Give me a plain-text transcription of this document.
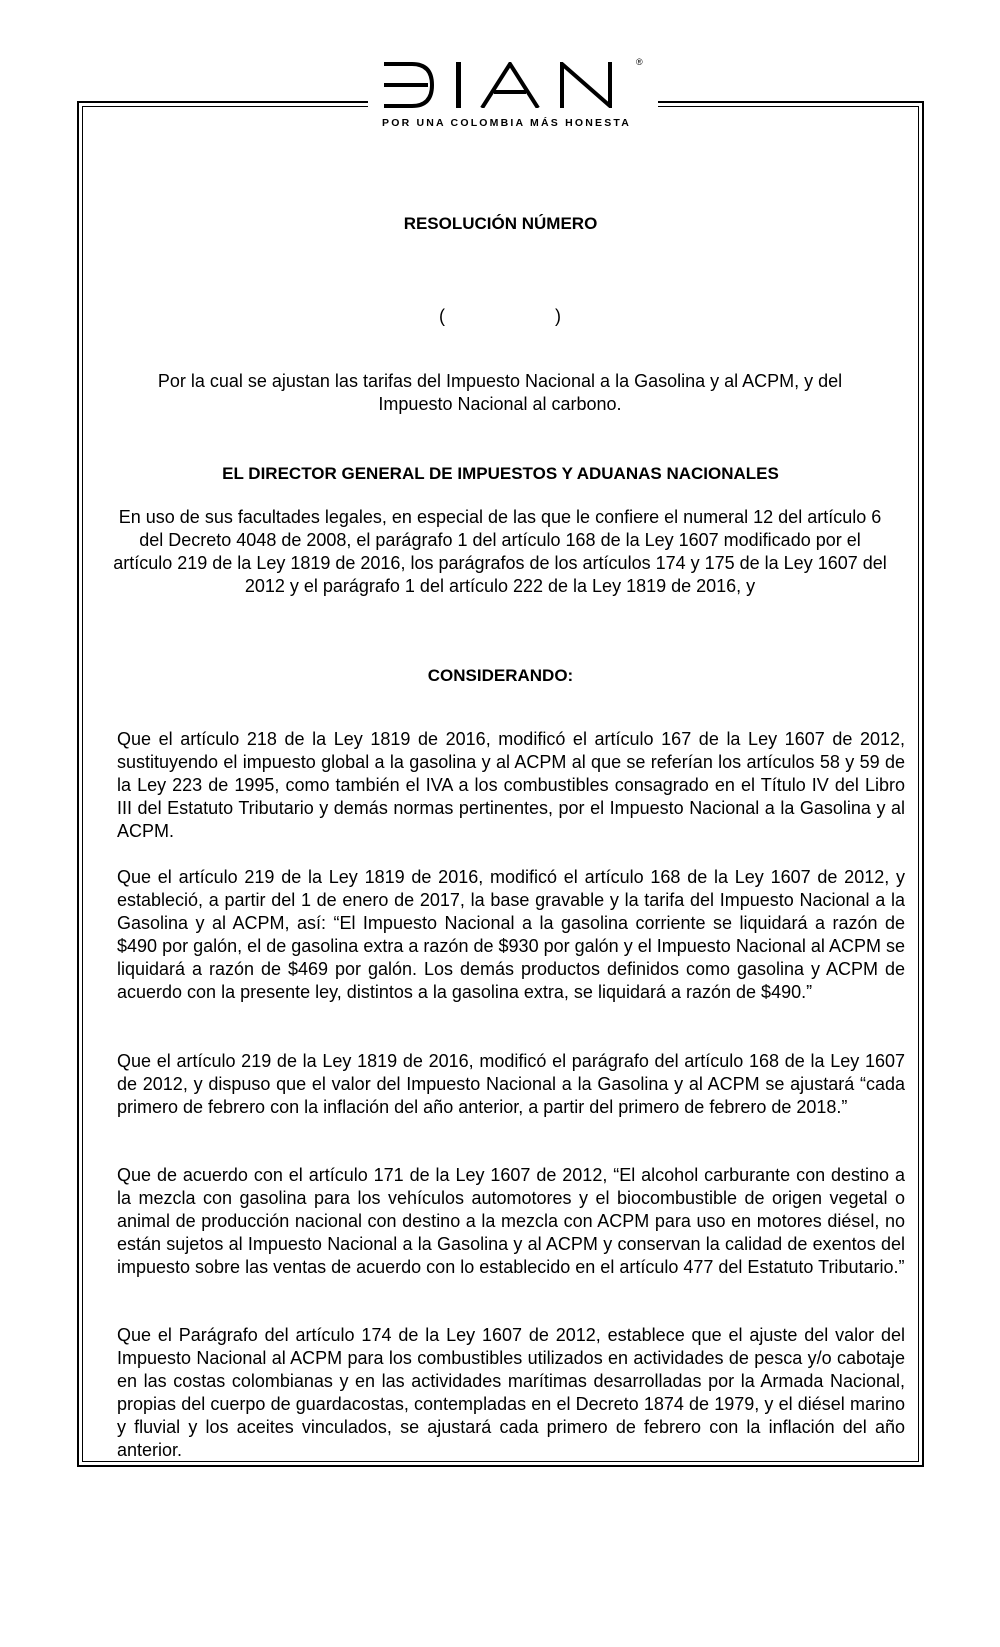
®
POR UNA COLOMBIA MÁS HONESTA
RESOLUCIÓN NÚMERO
(	)
Por la cual se ajustan las tarifas del Impuesto Nacional a la Gasolina y al ACPM, y del Impuesto Nacional al carbono.
EL DIRECTOR GENERAL DE IMPUESTOS Y ADUANAS NACIONALES
En uso de sus facultades legales, en especial de las que le confiere el numeral 12 del artículo 6 del Decreto 4048 de 2008, el parágrafo 1 del artículo 168 de la Ley 1607 modificado por el artículo 219 de la Ley 1819 de 2016, los parágrafos de los artículos 174 y 175 de la Ley 1607 del 2012 y el parágrafo 1 del artículo 222 de la Ley 1819 de 2016, y
CONSIDERANDO:
Que el artículo 218 de la Ley 1819 de 2016, modificó el artículo 167 de la Ley 1607 de 2012, sustituyendo el impuesto global a la gasolina y al ACPM al que se referían los artículos 58 y 59 de la Ley 223 de 1995, como también el IVA a los combustibles consagrado en el Título IV del Libro III del Estatuto Tributario y demás normas pertinentes, por el Impuesto Nacional a la Gasolina y al ACPM.
Que el artículo 219 de la Ley 1819 de 2016, modificó el artículo 168 de la Ley 1607 de 2012, y estableció, a partir del 1 de enero de 2017, la base gravable y la tarifa del Impuesto Nacional a la Gasolina y al ACPM, así: “El Impuesto Nacional a la gasolina corriente se liquidará a razón de $490 por galón, el de gasolina extra a razón de $930 por galón y el Impuesto Nacional al ACPM se liquidará a razón de $469 por galón. Los demás productos definidos como gasolina y ACPM de acuerdo con la presente ley, distintos a la gasolina extra, se liquidará a razón de $490.”
Que el artículo 219 de la Ley 1819 de 2016, modificó el parágrafo del artículo 168 de la Ley 1607 de 2012, y dispuso que el valor del Impuesto Nacional a la Gasolina y al ACPM se ajustará “cada primero de febrero con la inflación del año anterior, a partir del primero de febrero de 2018.”
Que de acuerdo con el artículo 171 de la Ley 1607 de 2012, “El alcohol carburante con destino a la mezcla con gasolina para los vehículos automotores y el biocombustible de origen vegetal o animal de producción nacional con destino a la mezcla con ACPM para uso en motores diésel, no están sujetos al Impuesto Nacional a la Gasolina y al ACPM y conservan la calidad de exentos del impuesto sobre las ventas de acuerdo con lo establecido en el artículo 477 del Estatuto Tributario.”
Que el Parágrafo del artículo 174 de la Ley 1607 de 2012, establece que el ajuste del valor del Impuesto Nacional al ACPM para los combustibles utilizados en actividades de pesca y/o cabotaje en las costas colombianas y en las actividades marítimas desarrolladas por la Armada Nacional, propias del cuerpo de guardacostas, contempladas en el Decreto 1874 de 1979, y el diésel marino y fluvial y los aceites vinculados, se ajustará cada primero de febrero con la inflación del año anterior.
